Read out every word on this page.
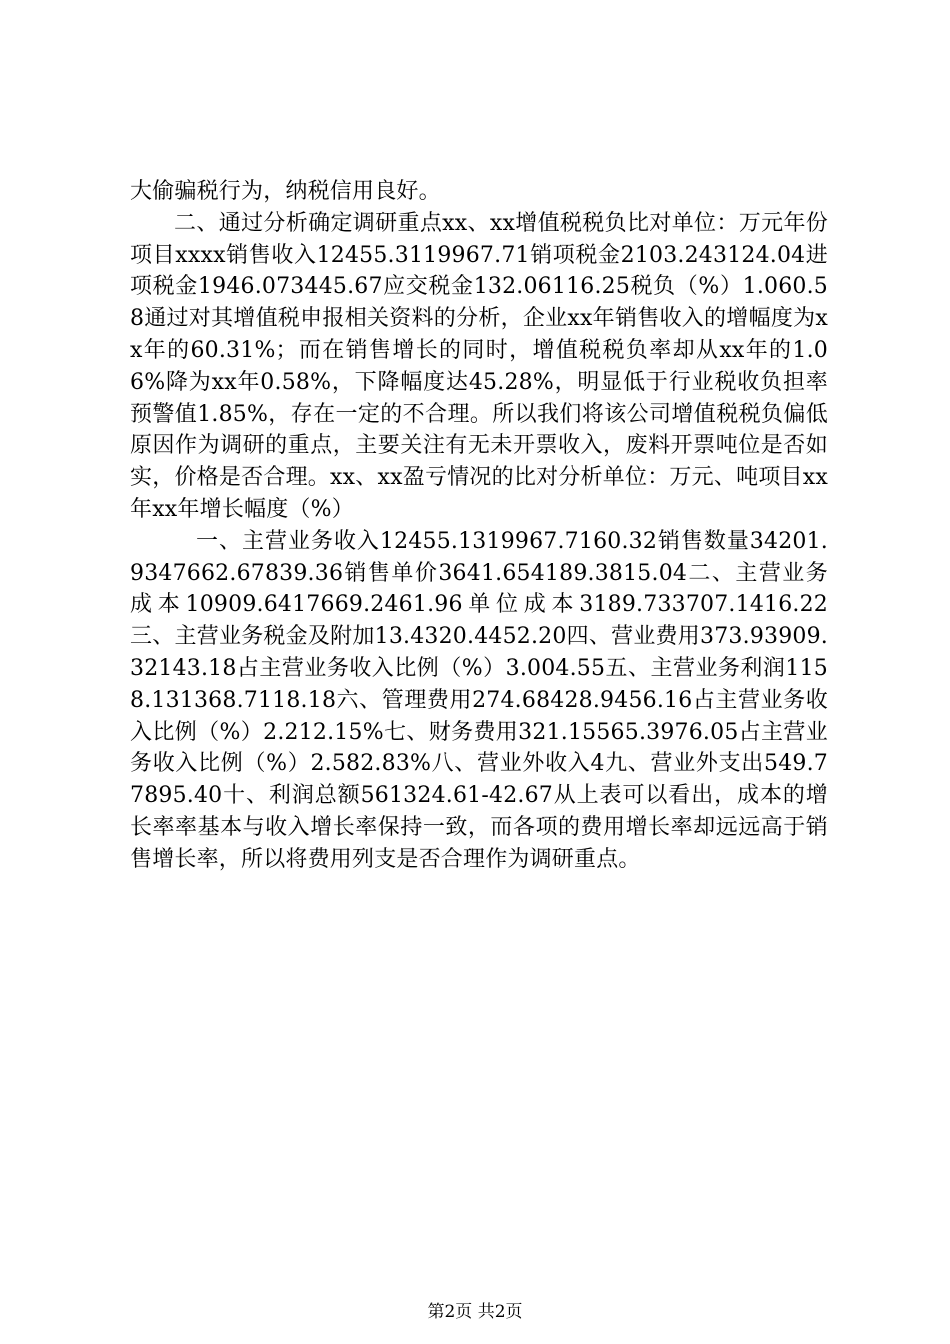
大偷骗税行为，纳税信用良好。

二、通过分析确定调研重点xx、xx增值税税负比对单位：万元年份项目xxxx销售收入12455.3119967.71销项税金2103.243124.04进项税金1946.073445.67应交税金132.06116.25税负（%）1.060.58通过对其增值税申报相关资料的分析，企业xx年销售收入的增幅度为xx年的60.31%；而在销售增长的同时，增值税税负率却从xx年的1.06%降为xx年0.58%，下降幅度达45.28%，明显低于行业税收负担率预警值1.85%，存在一定的不合理。所以我们将该公司增值税税负偏低原因作为调研的重点，主要关注有无未开票收入，废料开票吨位是否如实，价格是否合理。xx、xx盈亏情况的比对分析单位：万元、吨项目xx年xx年增长幅度（%）

一、主营业务收入12455.1319967.7160.32销售数量34201.9347662.67839.36销售单价3641.654189.3815.04二、主营业务成本10909.6417669.2461.96单位成本3189.733707.1416.22三、主营业务税金及附加13.4320.4452.20四、营业费用373.93909.32143.18占主营业务收入比例（%）3.004.55五、主营业务利润1158.131368.7118.18六、管理费用274.68428.9456.16占主营业务收入比例（%）2.212.15%七、财务费用321.15565.3976.05占主营业务收入比例（%）2.582.83%八、营业外收入4九、营业外支出549.77895.40十、利润总额561324.61-42.67从上表可以看出，成本的增长率率基本与收入增长率保持一致，而各项的费用增长率却远远高于销售增长率，所以将费用列支是否合理作为调研重点。

第2页 共2页
